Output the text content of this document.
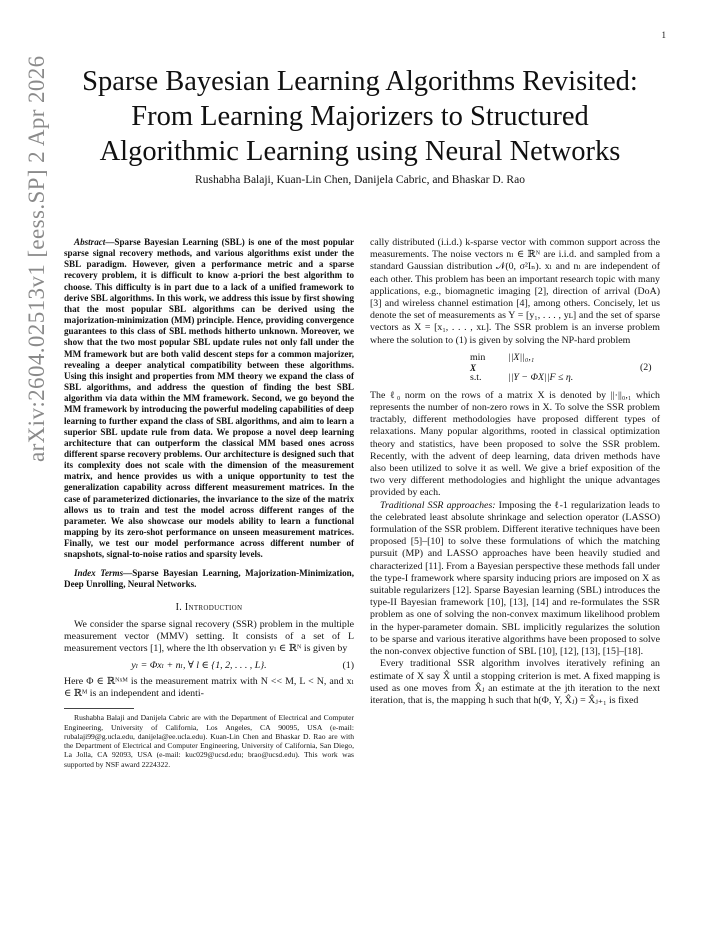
1
arXiv:2604.02513v1 [eess.SP] 2 Apr 2026	Sparse Bayesian Learning Algorithms Revisited:
From Learning Majorizers to Structured
Algorithmic Learning using Neural Networks
Rushabha Balaji, Kuan-Lin Chen, Danijela Cabric, and Bhaskar D. Rao

Abstract—Sparse Bayesian Learning (SBL) is one of the most popular sparse signal recovery methods, and various algorithms exist under the SBL paradigm. However, given a performance metric and a sparse recovery problem, it is difficult to know a-priori the best algorithm to choose. This difficulty is in part due to a lack of a unified framework to derive SBL algorithms. In this work, we address this issue by first showing that the most popular SBL algorithms can be derived using the majorization-minimization (MM) principle. Hence, providing convergence guarantees to this class of SBL methods hitherto unknown. Moreover, we show that the two most popular SBL update rules not only fall under the MM framework but are both valid descent steps for a common majorizer, revealing a deeper analytical compatibility between these algorithms. Using this insight and properties from MM theory we expand the class of SBL algorithms, and address the question of finding the best SBL algorithm via data within the MM framework. Second, we go beyond the MM framework by introducing the powerful modeling capabilities of deep learning to further expand the class of SBL algorithms, and aim to learn a superior SBL update rule from data. We propose a novel deep learning architecture that can outperform the classical MM based ones across different sparse recovery problems. Our architecture is designed such that its complexity does not scale with the dimension of the measurement matrix, and hence provides us with a unique opportunity to test the generalization capability across different measurement matrices. In the case of parameterized dictionaries, the invariance to the size of the matrix allows us to train and test the model across different ranges of the parameter. We also showcase our models ability to learn a functional mapping by its zero-shot performance on unseen measurement matrices. Finally, we test our model performance across different number of snapshots, signal-to-noise ratios and sparsity levels.

Index Terms—Sparse Bayesian Learning, Majorization-Minimization, Deep Unrolling, Neural Networks.

I. Introduction

We consider the sparse signal recovery (SSR) problem in the multiple measurement vector (MMV) setting. It consists of a set of L measurement vectors [1], where the lth observation yₗ ∈ ℝᴺ is given by

yₗ = Φxₗ + nₗ, ∀ l ∈ {1, 2, . . . , L}.	(1)

Here Φ ∈ ℝᴺˣᴹ is the measurement matrix with N << M, L < N, and xₗ ∈ ℝᴹ is an independent and identi-

Rushabha Balaji and Danijela Cabric are with the Department of Electrical and Computer Engineering, University of California, Los Angeles, CA 90095, USA (e-mail: rubalaji99@g.ucla.edu, danijela@ee.ucla.edu). Kuan-Lin Chen and Bhaskar D. Rao are with the Department of Electrical and Computer Engineering, University of California, San Diego, La Jolla, CA 92093, USA (e-mail: kuc029@ucsd.edu; brao@ucsd.edu). This work was supported by NSF award 2224322.

cally distributed (i.i.d.) k-sparse vector with common support across the measurements. The noise vectors nₗ ∈ ℝᴺ are i.i.d. and sampled from a standard Gaussian distribution 𝒩(0, σ²Iₙ). xₗ and nₗ are independent of each other. This problem has been an important research topic with many applications, e.g., biomagnetic imaging [2], direction of arrival (DoA) [3] and wireless channel estimation [4], among others. Concisely, let us denote the set of measurements as Y = [y₁, . . . , yʟ] and the set of sparse vectors as X = [x₁, . . . , xʟ]. The SSR problem is an inverse problem where the solution to (1) is given by solving the NP-hard problem

min
X
||X||₀,₁
(2)
s.t.	||Y − ΦX||F ≤ η.

The ℓ₀ norm on the rows of a matrix X is denoted by ||·||₀,₁ which represents the number of non-zero rows in X. To solve the SSR problem tractably, different methodologies have proposed different types of relaxations. Many popular algorithms, rooted in classical optimization theory and statistics, have been proposed to solve the SSR problem. Recently, with the advent of deep learning, data driven methods have also been utilized to solve it as well. We give a brief exposition of the two very different methodologies and highlight the unique advantages provided by each.

Traditional SSR approaches: Imposing the ℓ-1 regularization leads to the celebrated least absolute shrinkage and selection operator (LASSO) formulation of the SSR problem. Different iterative techniques have been proposed [5]–[10] to solve these formulations of which the matching pursuit (MP) and LASSO approaches have been heavily studied and characterized [11]. From a Bayesian perspective these methods fall under the type-I framework where sparsity inducing priors are imposed on X as suitable regularizers [12]. Sparse Bayesian learning (SBL) introduces the type-II Bayesian framework [10], [13], [14] and re-formulates the SSR problem as one of solving the non-convex maximum likelihood problem in the hyper-parameter domain. SBL implicitly regularizes the solution to be sparse and various iterative algorithms have been proposed to solve the non-convex objective function of SBL [10], [12], [13], [15]–[18].

Every traditional SSR algorithm involves iteratively refining an estimate of X say X̂ until a stopping criterion is met. A fixed mapping is used as one moves from X̂ⱼ an estimate at the jth iteration to the next iteration, that is, the mapping h such that h(Φ, Y, X̂ⱼ) = X̂ⱼ₊₁ is fixed
